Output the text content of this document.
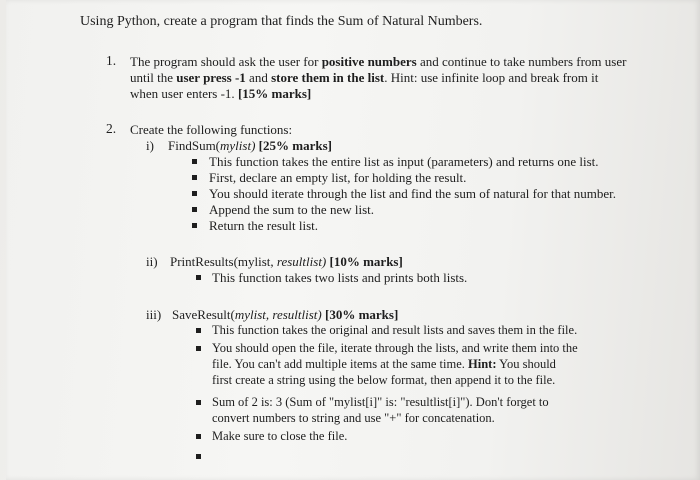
Using Python, create a program that finds the Sum of Natural Numbers.
1. The program should ask the user for positive numbers and continue to take numbers from user
until the user press -1 and store them in the list. Hint: use infinite loop and break from it
when user enters -1. [15% marks]
2. Create the following functions:
i) FindSum(mylist) [25% marks]
This function takes the entire list as input (parameters) and returns one list.
First, declare an empty list, for holding the result.
You should iterate through the list and find the sum of natural for that number.
Append the sum to the new list.
Return the result list.
ii) PrintResults(mylist, resultlist) [10% marks]
This function takes two lists and prints both lists.
iii) SaveResult(mylist, resultlist) [30% marks]
This function takes the original and result lists and saves them in the file.
You should open the file, iterate through the lists, and write them into the
file. You can't add multiple items at the same time. Hint: You should
first create a string using the below format, then append it to the file.
Sum of 2 is: 3 (Sum of "mylist[i]" is: "resultlist[i]"). Don't forget to
convert numbers to string and use "+" for concatenation.
Make sure to close the file.
